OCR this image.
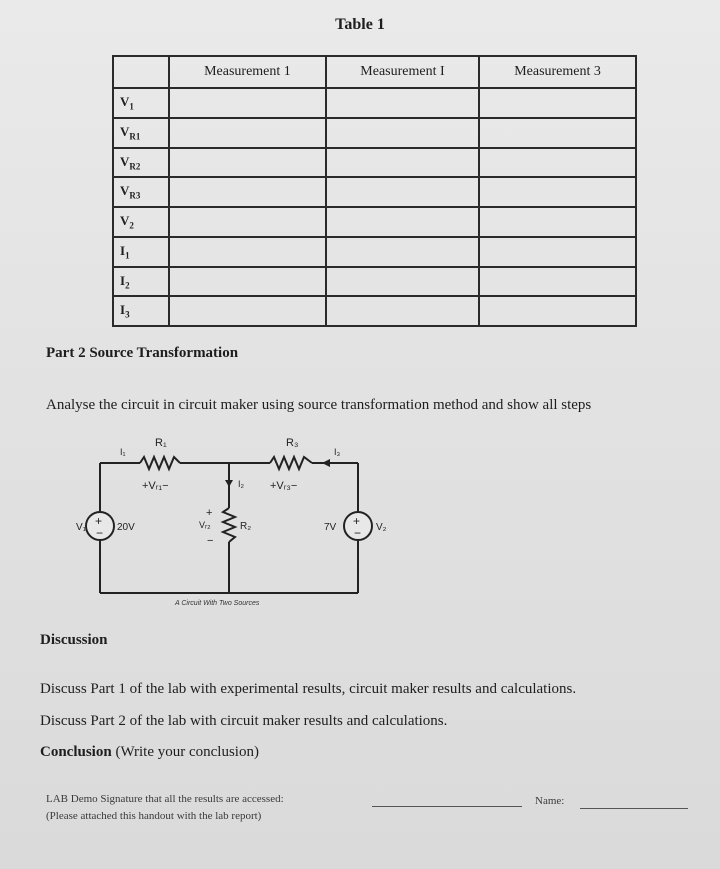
Table 1
	Measurement 1	Measurement I	Measurement 3
$V_1$			
$V_{R1}$			
$V_{R2}$			
$V_{R3}$			
$V_2$			
$I_1$			
$I_2$			
$I_3$			
Part 2 Source Transformation
Analyse the circuit in circuit maker using source transformation method and show all steps
+
−
+
−
I₁
R₁	R₃
I₃
+Vᵣ₁−	I₂ +Vᵣ₃−
+
Vᵣ₂
−
R₂
V₁	20V	7V	V₂
A Circuit With Two Sources
Discussion
Discuss Part 1 of the lab with experimental results, circuit maker results and calculations.
Discuss Part 2 of the lab with circuit maker results and calculations.
Conclusion (Write your conclusion)
LAB Demo Signature that all the results are accessed:	Name:
(Please attached this handout with the lab report)
